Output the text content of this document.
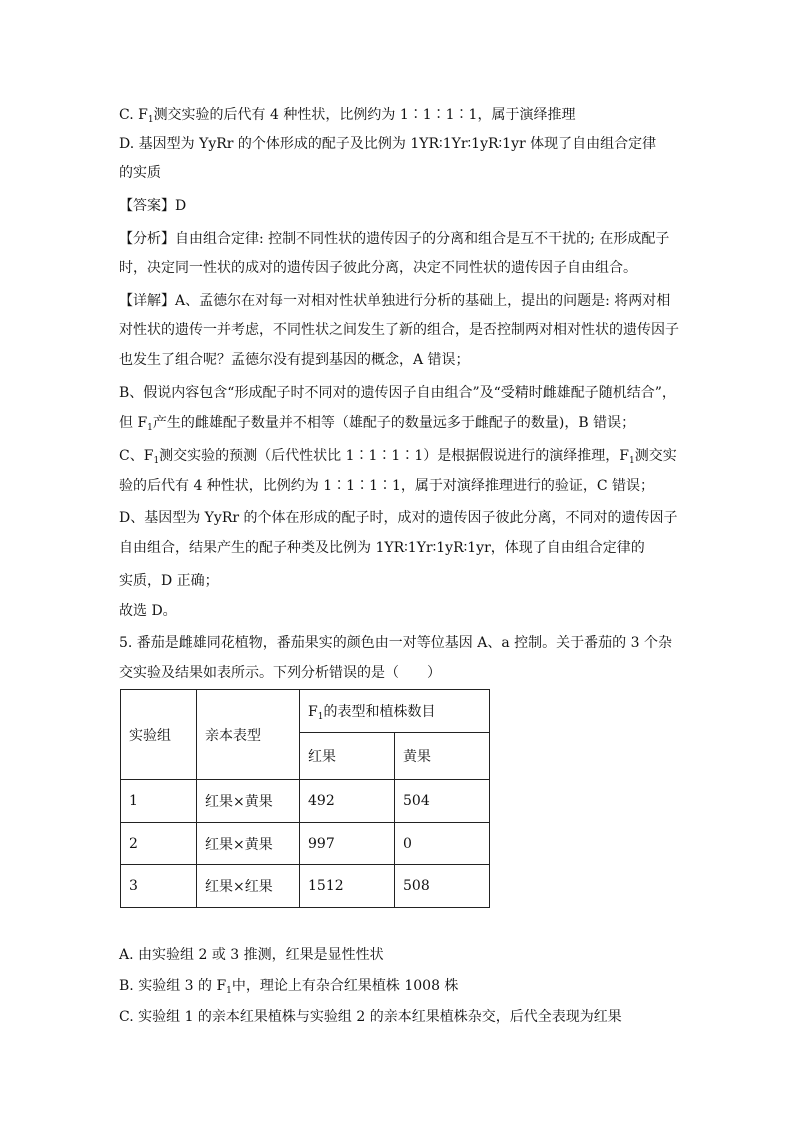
C. $F_1$测交实验的后代有 4 种性状，比例约为 1∶1∶1∶1，属于演绎推理
D. 基因型为 YyRr 的个体形成的配子及比例为 1YR∶1Yr∶1yR∶1yr 体现了自由组合定律
的实质
【答案】D
【分析】自由组合定律: 控制不同性状的遗传因子的分离和组合是互不干扰的; 在形成配子
时，决定同一性状的成对的遗传因子彼此分离，决定不同性状的遗传因子自由组合。
【详解】A、孟德尔在对每一对相对性状单独进行分析的基础上，提出的问题是: 将两对相
对性状的遗传一并考虑，不同性状之间发生了新的组合，是否控制两对相对性状的遗传因子
也发生了组合呢？孟德尔没有提到基因的概念，A 错误；
B、假说内容包含“形成配子时不同对的遗传因子自由组合”及“受精时雌雄配子随机结合”，
但 $F_1$产生的雌雄配子数量并不相等（雄配子的数量远多于雌配子的数量)，B 错误；
C、$F_1$测交实验的预测（后代性状比 1∶1∶1∶1）是根据假说进行的演绎推理，$F_1$测交实
验的后代有 4 种性状，比例约为 1∶1∶1∶1，属于对演绎推理进行的验证，C 错误；
D、基因型为 YyRr 的个体在形成的配子时，成对的遗传因子彼此分离，不同对的遗传因子
自由组合，结果产生的配子种类及比例为 1YR∶1Yr∶1yR∶1yr，体现了自由组合定律的
实质，D 正确；
故选 D。
5. 番茄是雌雄同花植物，番茄果实的颜色由一对等位基因 A、a 控制。关于番茄的 3 个杂
交实验及结果如表所示。下列分析错误的是（　　）
实验组	亲本表型	$F_1$的表型和植株数目	
		红果	黄果
1	红果×黄果	492	504
2	红果×黄果	997	0
3	红果×红果	1512	508
A. 由实验组 2 或 3 推测，红果是显性性状
B. 实验组 3 的 $F_1$中，理论上有杂合红果植株 1008 株
C. 实验组 1 的亲本红果植株与实验组 2 的亲本红果植株杂交，后代全表现为红果
